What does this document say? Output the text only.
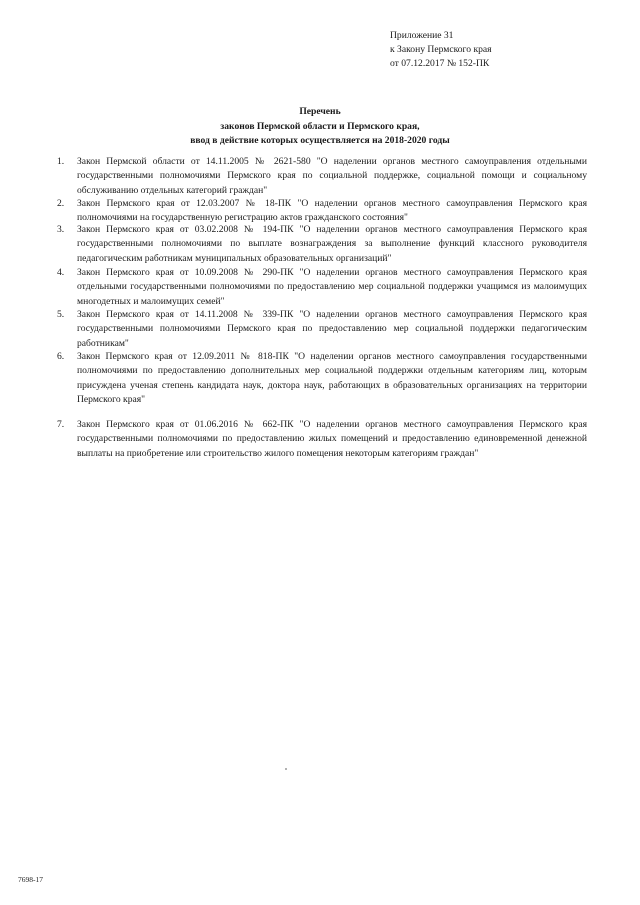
Приложение 31
к Закону Пермского края
от 07.12.2017 № 152-ПК
Перечень
законов Пермской области и Пермского края,
ввод в действие которых осуществляется на 2018-2020 годы
1. Закон Пермской области от 14.11.2005 № 2621-580 "О наделении органов местного самоуправления отдельными государственными полномочиями Пермского края по социальной поддержке, социальной помощи и социальному обслуживанию отдельных категорий граждан"
2. Закон Пермского края от 12.03.2007 № 18-ПК "О наделении органов местного самоуправления Пермского края полномочиями на государственную регистрацию актов гражданского состояния"
3. Закон Пермского края от 03.02.2008 № 194-ПК "О наделении органов местного самоуправления Пермского края государственными полномочиями по выплате вознаграждения за выполнение функций классного руководителя педагогическим работникам муниципальных образовательных организаций"
4. Закон Пермского края от 10.09.2008 № 290-ПК "О наделении органов местного самоуправления Пермского края отдельными государственными полномочиями по предоставлению мер социальной поддержки учащимся из малоимущих многодетных и малоимущих семей"
5. Закон Пермского края от 14.11.2008 № 339-ПК "О наделении органов местного самоуправления Пермского края государственными полномочиями Пермского края по предоставлению мер социальной поддержки педагогическим работникам"
6. Закон Пермского края от 12.09.2011 № 818-ПК "О наделении органов местного самоуправления государственными полномочиями по предоставлению дополнительных мер социальной поддержки отдельным категориям лиц, которым присуждена ученая степень кандидата наук, доктора наук, работающих в образовательных организациях на территории Пермского края"
7. Закон Пермского края от 01.06.2016 № 662-ПК "О наделении органов местного самоуправления Пермского края государственными полномочиями по предоставлению жилых помещений и предоставлению единовременной денежной выплаты на приобретение или строительство жилого помещения некоторым категориям граждан"
7698-17
